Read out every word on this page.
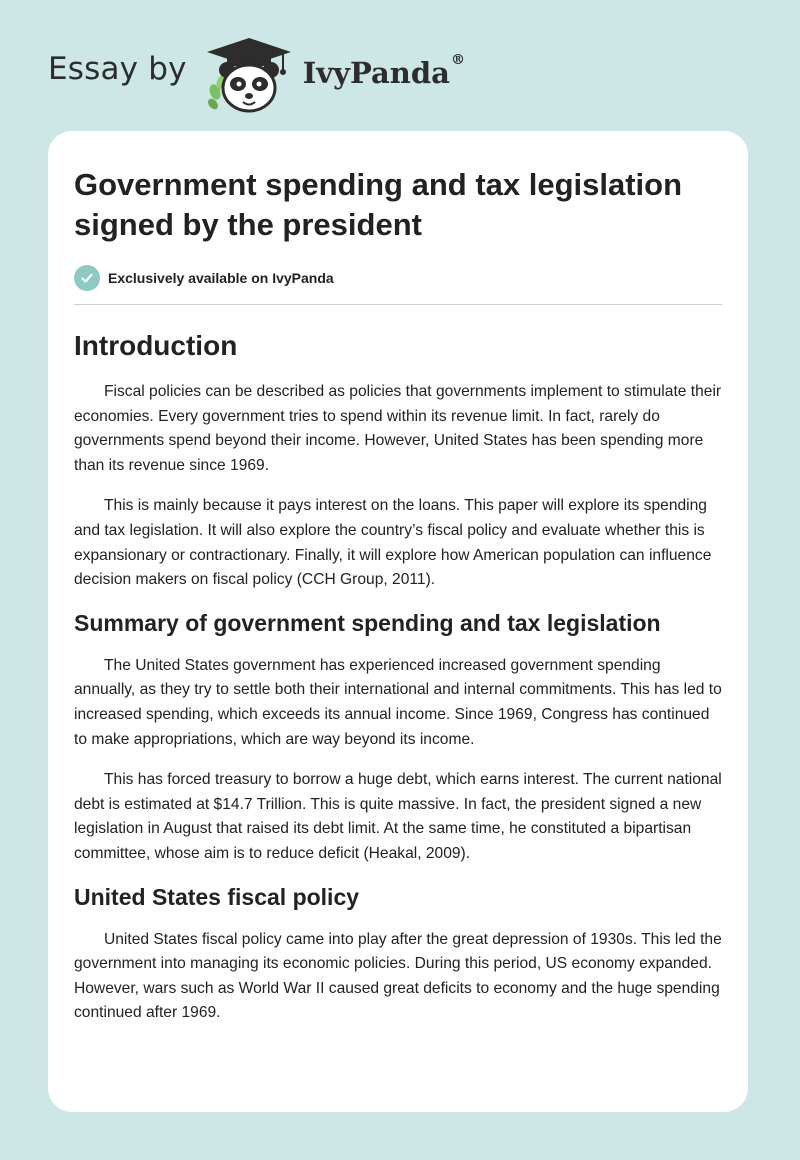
Essay by	IvyPanda®
Government spending and tax legislation signed by the president
Exclusively available on IvyPanda
Introduction

Fiscal policies can be described as policies that governments implement to stimulate their economies. Every government tries to spend within its revenue limit. In fact, rarely do governments spend beyond their income. However, United States has been spending more than its revenue since 1969.

This is mainly because it pays interest on the loans. This paper will explore its spending and tax legislation. It will also explore the country’s fiscal policy and evaluate whether this is expansionary or contractionary. Finally, it will explore how American population can influence decision makers on fiscal policy (CCH Group, 2011).

Summary of government spending and tax legislation

The United States government has experienced increased government spending annually, as they try to settle both their international and internal commitments. This has led to increased spending, which exceeds its annual income. Since 1969, Congress has continued to make appropriations, which are way beyond its income.

This has forced treasury to borrow a huge debt, which earns interest. The current national debt is estimated at $14.7 Trillion. This is quite massive. In fact, the president signed a new legislation in August that raised its debt limit. At the same time, he constituted a bipartisan committee, whose aim is to reduce deficit (Heakal, 2009).

United States fiscal policy

United States fiscal policy came into play after the great depression of 1930s. This led the government into managing its economic policies. During this period, US economy expanded. However, wars such as World War II caused great deficits to economy and the huge spending continued after 1969.
